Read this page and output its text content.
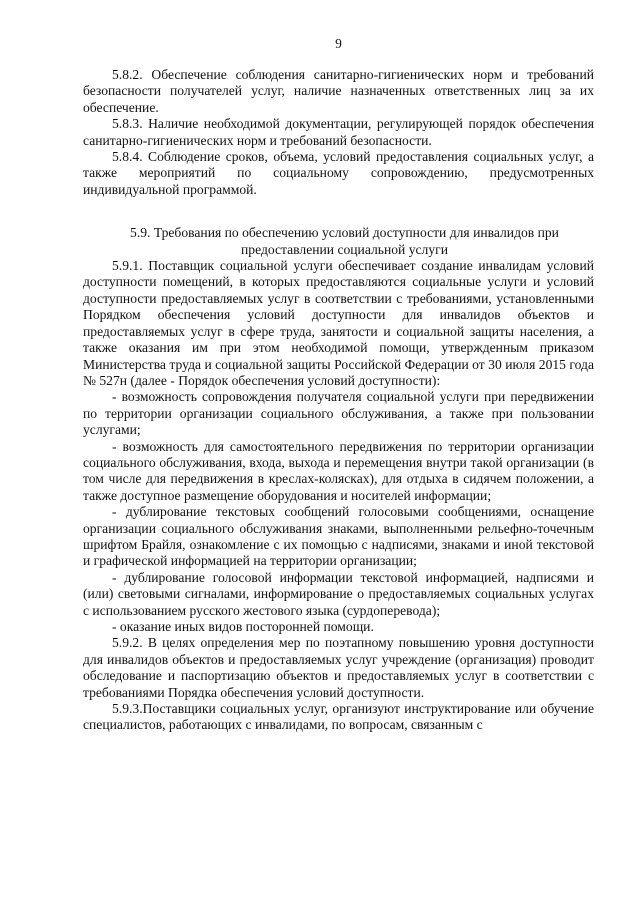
9

5.8.2. Обеспечение соблюдения санитарно-гигиенических норм и требований безопасности получателей услуг, наличие назначенных ответственных лиц за их обеспечение.

5.8.3. Наличие необходимой документации, регулирующей порядок обеспечения санитарно-гигиенических норм и требований безопасности.

5.8.4. Соблюдение сроков, объема, условий предоставления социальных услуг, а также мероприятий по социальному сопровождению, предусмотренных индивидуальной программой.

5.9. Требования по обеспечению условий доступности для инвалидов при
предоставлении социальной услуги

5.9.1. Поставщик социальной услуги обеспечивает создание инвалидам условий доступности помещений, в которых предоставляются социальные услуги и условий доступности предоставляемых услуг в соответствии с требованиями, установленными Порядком обеспечения условий доступности для инвалидов объектов и предоставляемых услуг в сфере труда, занятости и социальной защиты населения, а также оказания им при этом необходимой помощи, утвержденным приказом Министерства труда и социальной защиты Российской Федерации от 30 июля 2015 года № 527н (далее - Порядок обеспечения условий доступности):

- возможность сопровождения получателя социальной услуги при передвижении по территории организации социального обслуживания, а также при пользовании услугами;

- возможность для самостоятельного передвижения по территории организации социального обслуживания, входа, выхода и перемещения внутри такой организации (в том числе для передвижения в креслах-колясках), для отдыха в сидячем положении, а также доступное размещение оборудования и носителей информации;

- дублирование текстовых сообщений голосовыми сообщениями, оснащение организации социального обслуживания знаками, выполненными рельефно-точечным шрифтом Брайля, ознакомление с их помощью с надписями, знаками и иной текстовой и графической информацией на территории организации;

- дублирование голосовой информации текстовой информацией, надписями и (или) световыми сигналами, информирование о предоставляемых социальных услугах с использованием русского жестового языка (сурдоперевода);

- оказание иных видов посторонней помощи.

5.9.2. В целях определения мер по поэтапному повышению уровня доступности для инвалидов объектов и предоставляемых услуг учреждение (организация) проводит обследование и паспортизацию объектов и предоставляемых услуг в соответствии с требованиями Порядка обеспечения условий доступности.

5.9.3.Поставщики социальных услуг, организуют инструктирование или обучение специалистов, работающих с инвалидами, по вопросам, связанным с
